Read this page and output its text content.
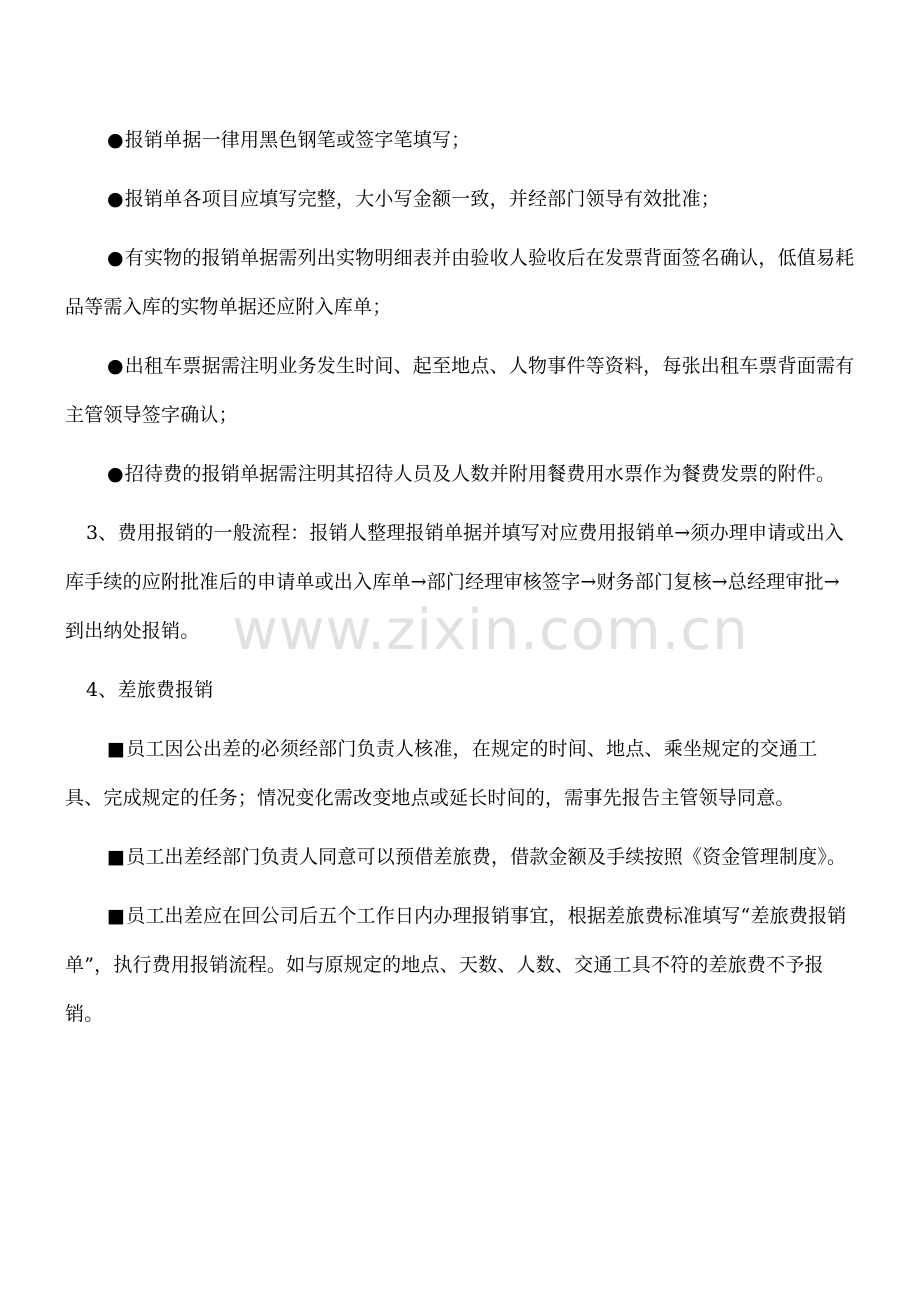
●报销单据一律用黑色钢笔或签字笔填写；

●报销单各项目应填写完整，大小写金额一致，并经部门领导有效批准；

●有实物的报销单据需列出实物明细表并由验收人验收后在发票背面签名确认，低值易耗品等需入库的实物单据还应附入库单；

●出租车票据需注明业务发生时间、起至地点、人物事件等资料，每张出租车票背面需有主管领导签字确认；

●招待费的报销单据需注明其招待人员及人数并附用餐费用水票作为餐费发票的附件。

3、费用报销的一般流程：报销人整理报销单据并填写对应费用报销单→须办理申请或出入库手续的应附批准后的申请单或出入库单→部门经理审核签字→财务部门复核→总经理审批→到出纳处报销。

4、差旅费报销

■员工因公出差的必须经部门负责人核准，在规定的时间、地点、乘坐规定的交通工具、完成规定的任务；情况变化需改变地点或延长时间的，需事先报告主管领导同意。

■员工出差经部门负责人同意可以预借差旅费，借款金额及手续按照《资金管理制度》。

■员工出差应在回公司后五个工作日内办理报销事宜，根据差旅费标准填写“差旅费报销单”，执行费用报销流程。如与原规定的地点、天数、人数、交通工具不符的差旅费不予报销。

www.zixin.com.cn
